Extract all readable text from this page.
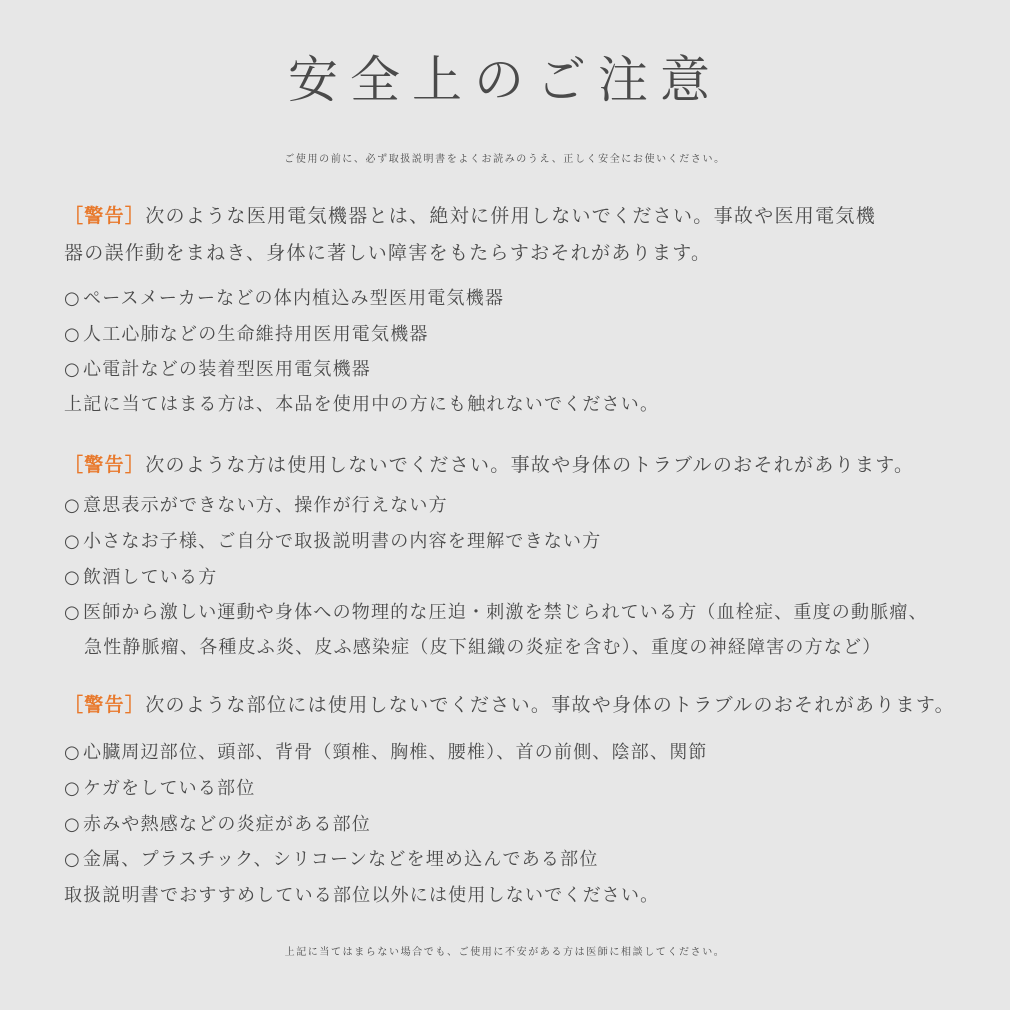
安全上のご注意
ご使用の前に、必ず取扱説明書をよくお読みのうえ、正しく安全にお使いください。
［警告］次のような医用電気機器とは、絶対に併用しないでください。事故や医用電気機
器の誤作動をまねき、身体に著しい障害をもたらすおそれがあります。
○ ペースメーカーなどの体内植込み型医用電気機器
○ 人工心肺などの生命維持用医用電気機器
○ 心電計などの装着型医用電気機器
上記に当てはまる方は、本品を使用中の方にも触れないでください。
［警告］次のような方は使用しないでください。事故や身体のトラブルのおそれがあります。
○ 意思表示ができない方、操作が行えない方
○ 小さなお子様、ご自分で取扱説明書の内容を理解できない方
○ 飲酒している方
○ 医師から激しい運動や身体への物理的な圧迫・刺激を禁じられている方（血栓症、重度の動脈瘤、
急性静脈瘤、各種皮ふ炎、皮ふ感染症（皮下組織の炎症を含む）、重度の神経障害の方など）
［警告］次のような部位には使用しないでください。事故や身体のトラブルのおそれがあります。
○ 心臓周辺部位、頭部、背骨（頸椎、胸椎、腰椎）、首の前側、陰部、関節
○ ケガをしている部位
○ 赤みや熱感などの炎症がある部位
○ 金属、プラスチック、シリコーンなどを埋め込んである部位
取扱説明書でおすすめしている部位以外には使用しないでください。
上記に当てはまらない場合でも、ご使用に不安がある方は医師に相談してください。
